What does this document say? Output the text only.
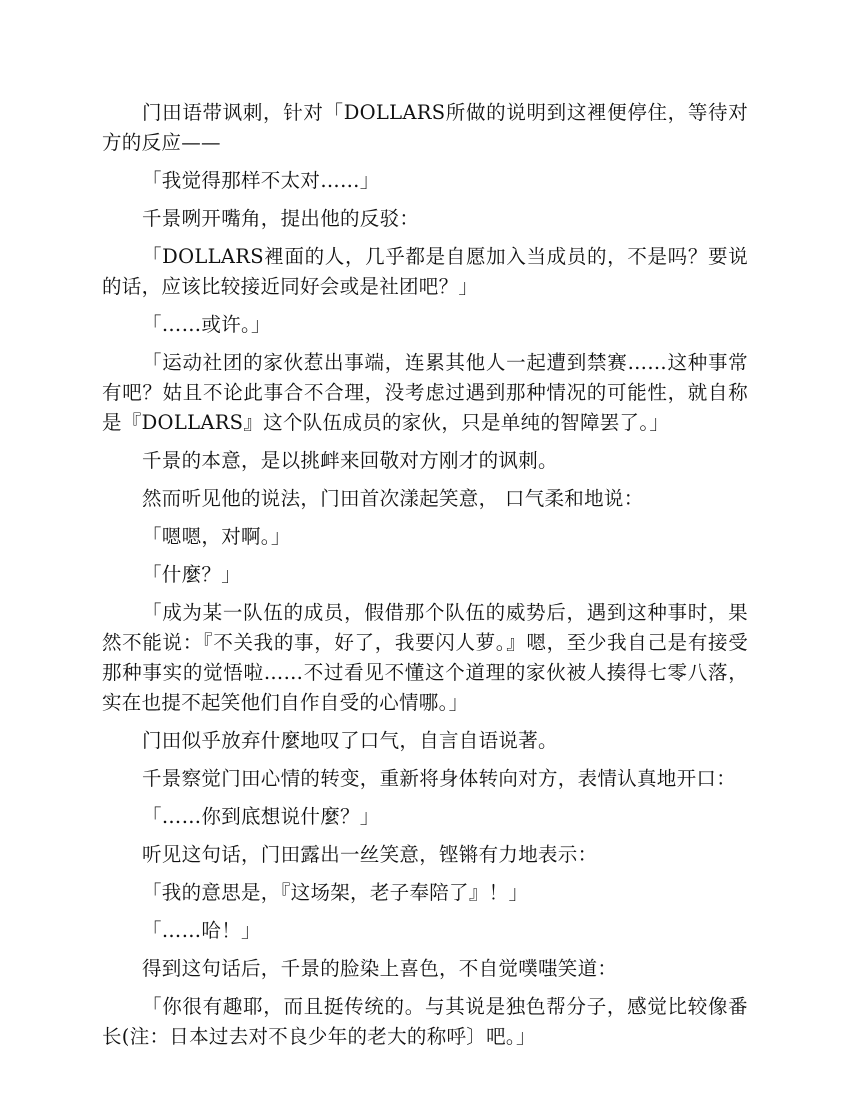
门田语带讽刺，针对「DOLLARS所做的说明到这裡便停住，等待对方的反应——

「我觉得那样不太对……」

千景咧开嘴角，提出他的反驳：

「DOLLARS裡面的人，几乎都是自愿加入当成员的，不是吗？要说的话，应该比较接近同好会或是社团吧？」

「……或许。」

「运动社团的家伙惹出事端，连累其他人一起遭到禁赛……这种事常有吧？姑且不论此事合不合理，没考虑过遇到那种情况的可能性，就自称是『DOLLARS』这个队伍成员的家伙，只是单纯的智障罢了。」

千景的本意，是以挑衅来回敬对方刚才的讽刺。

然而听见他的说法，门田首次漾起笑意， 口气柔和地说：

「嗯嗯，对啊。」

「什麼？」

「成为某一队伍的成员，假借那个队伍的威势后，遇到这种事时，果然不能说：『不关我的事，好了，我要闪人萝。』嗯，至少我自己是有接受那种事实的觉悟啦……不过看见不懂这个道理的家伙被人揍得七零八落，实在也提不起笑他们自作自受的心情哪。」

门田似乎放弃什麼地叹了口气，自言自语说著。

千景察觉门田心情的转变，重新将身体转向对方，表情认真地开口：

「……你到底想说什麼？」

听见这句话，门田露出一丝笑意，铿锵有力地表示：

「我的意思是，『这场架，老子奉陪了』！」

「……哈！」

得到这句话后，千景的脸染上喜色，不自觉噗嗤笑道：

「你很有趣耶，而且挺传统的。与其说是独色帮分子，感觉比较像番长(注：日本过去对不良少年的老大的称呼〕吧。」
